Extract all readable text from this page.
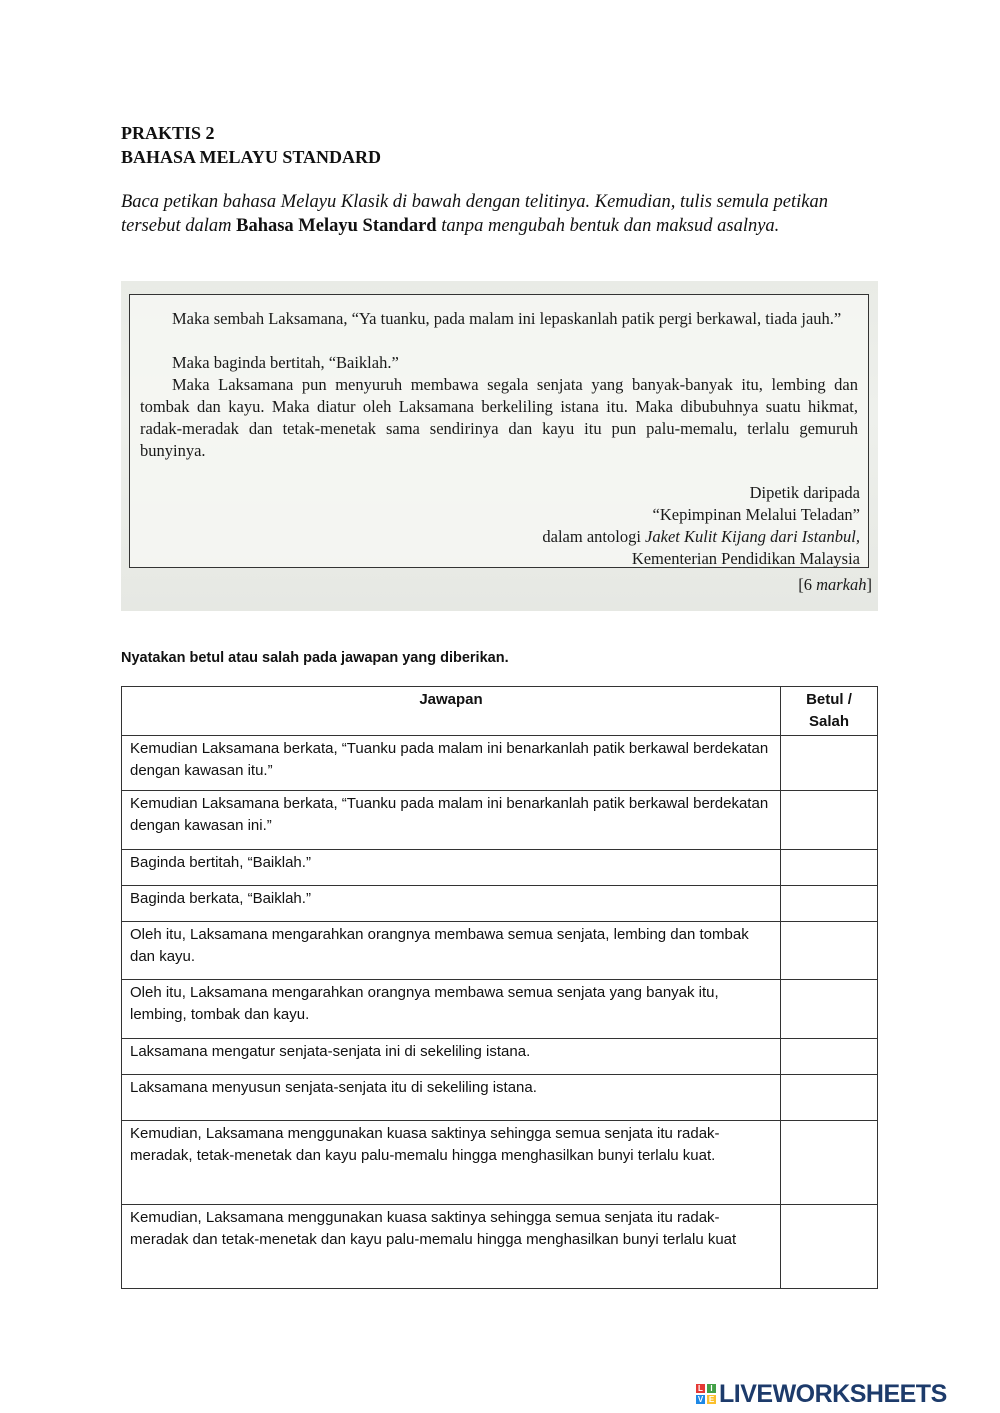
PRAKTIS 2
BAHASA MELAYU STANDARD
Baca petikan bahasa Melayu Klasik di bawah dengan telitinya. Kemudian, tulis semula petikan tersebut dalam Bahasa Melayu Standard tanpa mengubah bentuk dan maksud asalnya.
Maka sembah Laksamana, “Ya tuanku, pada malam ini lepaskanlah patik pergi berkawal, tiada jauh.”
Maka baginda bertitah, “Baiklah.”
Maka Laksamana pun menyuruh membawa segala senjata yang banyak-banyak itu, lembing dan tombak dan kayu. Maka diatur oleh Laksamana berkeliling istana itu. Maka dibubuhnya suatu hikmat, radak-meradak dan tetak-menetak sama sendirinya dan kayu itu pun palu-memalu, terlalu gemuruh bunyinya.
Dipetik daripada
“Kepimpinan Melalui Teladan”
dalam antologi Jaket Kulit Kijang dari Istanbul,
Kementerian Pendidikan Malaysia
[6 markah]
Nyatakan betul atau salah pada jawapan yang diberikan.
Jawapan	Betul / Salah
Kemudian Laksamana berkata, “Tuanku pada malam ini benarkanlah patik berkawal berdekatan dengan kawasan itu.”	
Kemudian Laksamana berkata, “Tuanku pada malam ini benarkanlah patik berkawal berdekatan dengan kawasan ini.”	
Baginda bertitah, “Baiklah.”	
Baginda berkata, “Baiklah.”	
Oleh itu, Laksamana mengarahkan orangnya membawa semua senjata, lembing dan tombak dan kayu.	
Oleh itu, Laksamana mengarahkan orangnya membawa semua senjata yang banyak itu, lembing, tombak dan kayu.	
Laksamana mengatur senjata-senjata ini di sekeliling istana.	
Laksamana menyusun senjata-senjata itu di sekeliling istana.	
Kemudian, Laksamana menggunakan kuasa saktinya sehingga semua senjata itu radak-meradak, tetak-menetak dan kayu palu-memalu hingga menghasilkan bunyi terlalu kuat.	
Kemudian, Laksamana menggunakan kuasa saktinya sehingga semua senjata itu radak-meradak dan tetak-menetak dan kayu palu-memalu hingga menghasilkan bunyi terlalu kuat	
L I
V E LIVEWORKSHEETS
